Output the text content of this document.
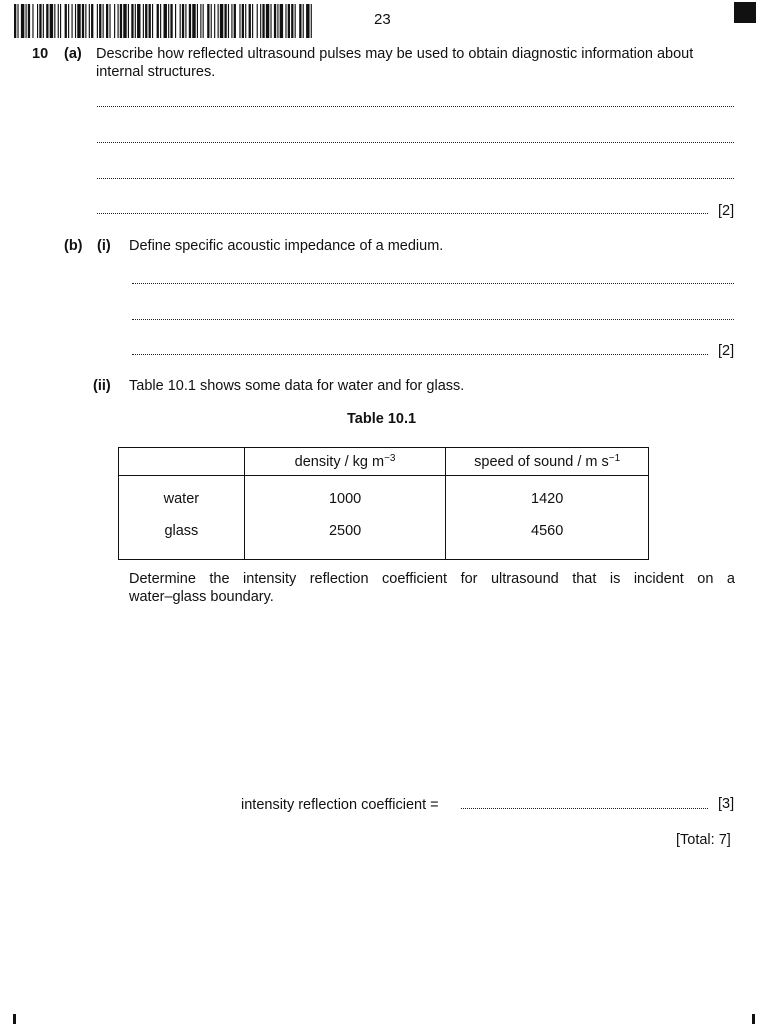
23
10 (a) Describe how reflected ultrasound pulses may be used to obtain diagnostic information about
internal structures.
[2]
(b) (i) Define specific acoustic impedance of a medium.
[2]
(ii) Table 10.1 shows some data for water and for glass.
Table 10.1
	density / kg $m^{-3}$	speed of sound / m $s^{-1}$
water	1000	1420
glass	2500	4560
Determine the intensity reflection coefficient for ultrasound that is incident on a
water–glass boundary.
intensity reflection coefficient =	[3]
[Total: 7]
